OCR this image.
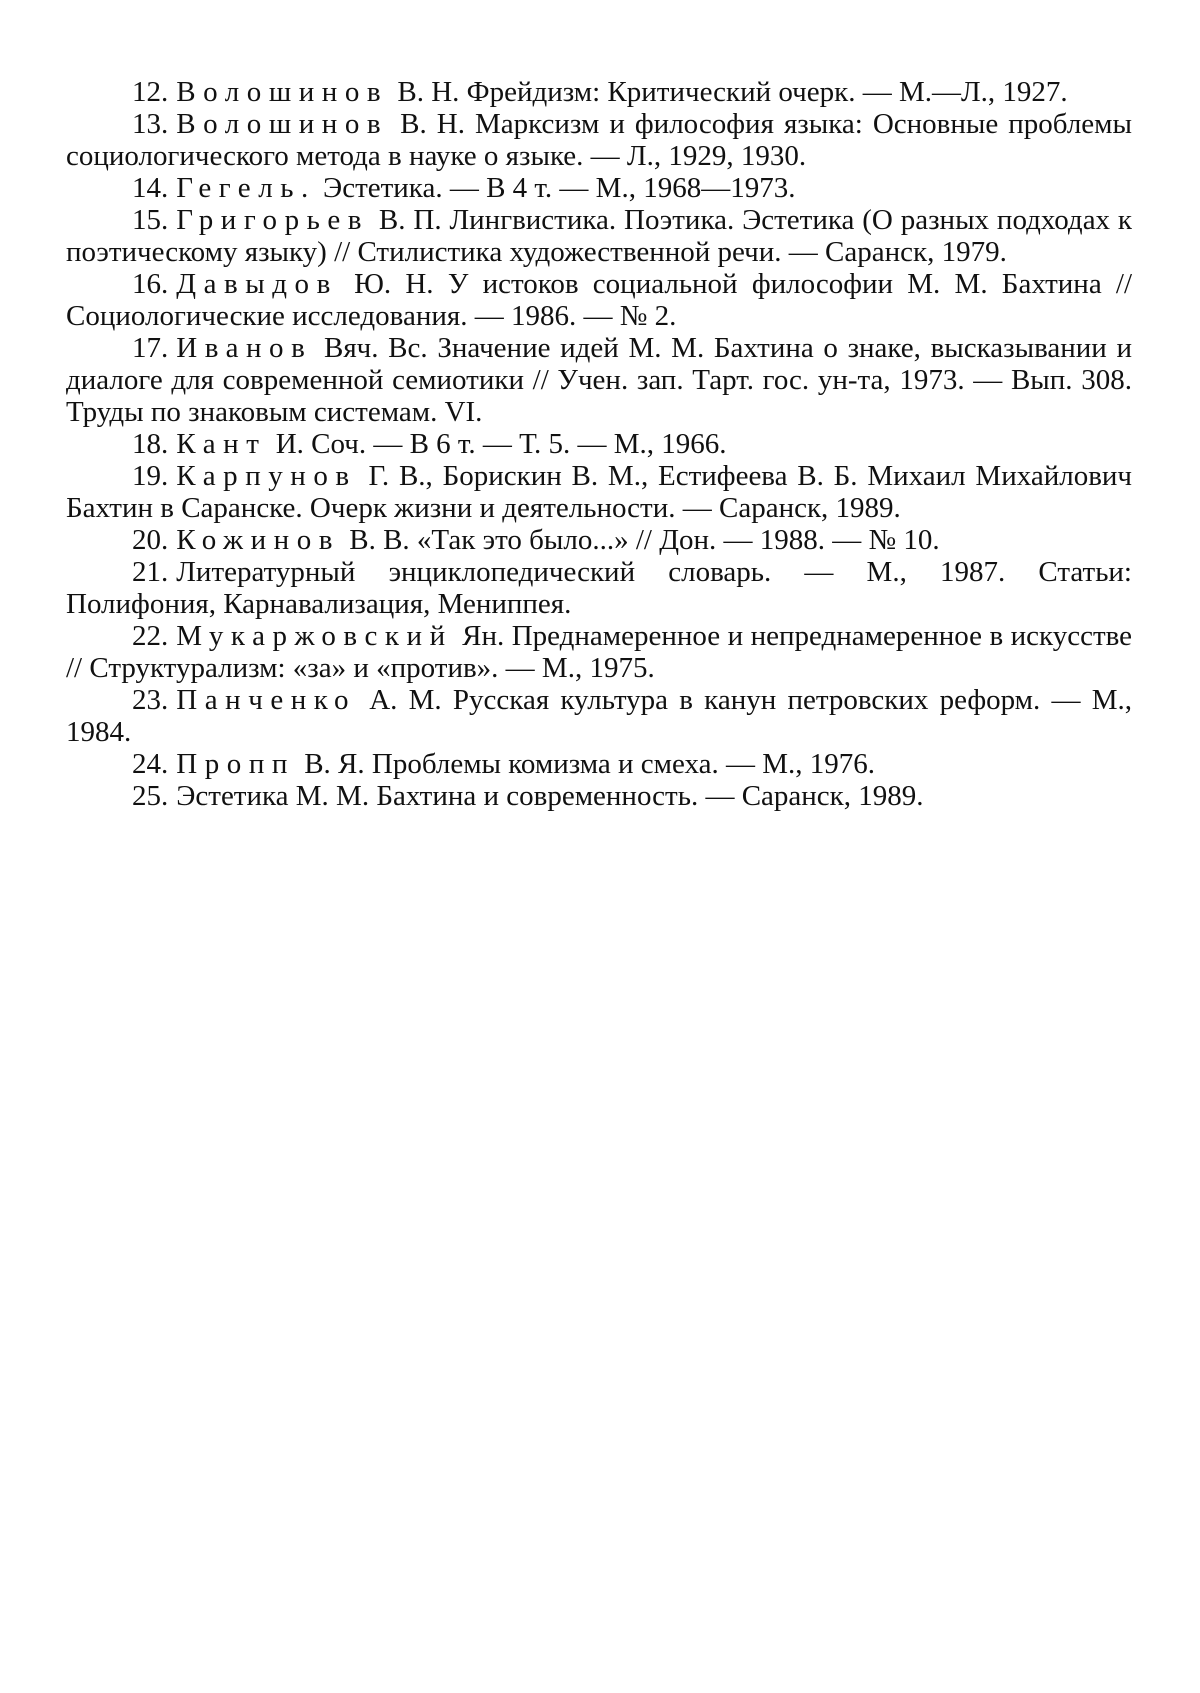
12. Волошинов В. Н. Фрейдизм: Критический очерк. — М.—Л., 1927.
13. Волошинов В. Н. Марксизм и философия языка: Основные проблемы социологического метода в науке о языке. — Л., 1929, 1930.
14. Гегель. Эстетика. — В 4 т. — М., 1968—1973.
15. Григорьев В. П. Лингвистика. Поэтика. Эстетика (О разных подходах к поэтическому языку) // Стилистика художественной речи. — Саранск, 1979.
16. Давыдов Ю. Н. У истоков социальной философии М. М. Бахтина // Социологические исследования. — 1986. — № 2.
17. Иванов Вяч. Вс. Значение идей М. М. Бахтина о знаке, высказывании и диалоге для современной семиотики // Учен. зап. Тарт. гос. ун-та, 1973. — Вып. 308. Труды по знаковым системам. VI.
18. Кант И. Соч. — В 6 т. — Т. 5. — М., 1966.
19. Карпунов Г. В., Борискин В. М., Естифеева В. Б. Михаил Михайлович Бахтин в Саранске. Очерк жизни и деятельности. — Саранск, 1989.
20. Кожинов В. В. «Так это было...» // Дон. — 1988. — № 10.
21. Литературный энциклопедический словарь. — М., 1987. Статьи: Полифония, Карнавализация, Мениппея.
22. Мукаржовский Ян. Преднамеренное и непреднамеренное в искусстве // Структурализм: «за» и «против». — М., 1975.
23. Панченко А. М. Русская культура в канун петровских реформ. — М., 1984.
24. Пропп В. Я. Проблемы комизма и смеха. — М., 1976.
25. Эстетика М. М. Бахтина и современность. — Саранск, 1989.
